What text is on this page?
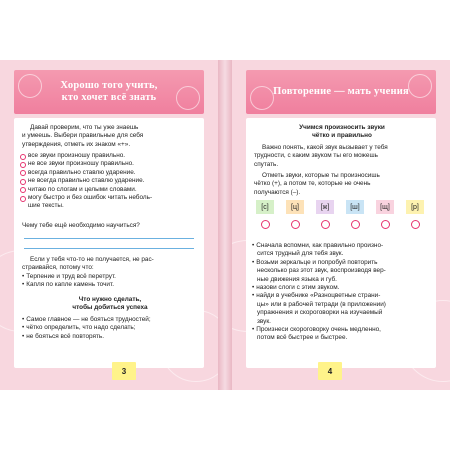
Хорошо того учить,
кто хочет всё знать
Давай проверим, что ты уже знаешь
и умеешь. Выбери правильные для себя
утверждения, отметь их знаком «+».
все звуки произношу правильно.
не все звуки произношу правильно.
всегда правильно ставлю ударение.
не всегда правильно ставлю ударение.
читаю по слогам и целыми словами.
могу быстро и без ошибок читать неболь-
шие тексты.
Чему тебе ещё необходимо научиться?
Если у тебя что-то не получается, не рас-
страивайся, потому что:
• Терпение и труд всё перетрут.
• Капля по капле камень точит.
Что нужно сделать,
чтобы добиться успеха
• Самое главное — не бояться трудностей;
• чётко определить, что надо сделать;
• не бояться всё повторять.
3
Повторение — мать учения
Учимся произносить звуки
чётко и правильно
Важно понять, какой звук вызывает у тебя
трудности, с каким звуком ты его можешь
спутать.
Отметь звуки, которые ты произносишь
чётко (+), а потом те, которые не очень
получаются (–).
[с]	[ц]	[ж]	[ш]	[щ]	[р]
• Сначала вспомни, как правильно произно-
сится трудный для тебя звук.
• Возьми зеркальце и попробуй повторить
несколько раз этот звук, воспроизводя вер-
ные движения языка и губ.
• назови слоги с этим звуком.
• найди в учебнике «Разноцветные страни-
цы» или в рабочей тетради (в приложении)
упражнения и скороговорки на изучаемый
звук.
• Произнеси скороговорку очень медленно,
потом всё быстрее и быстрее.
4
